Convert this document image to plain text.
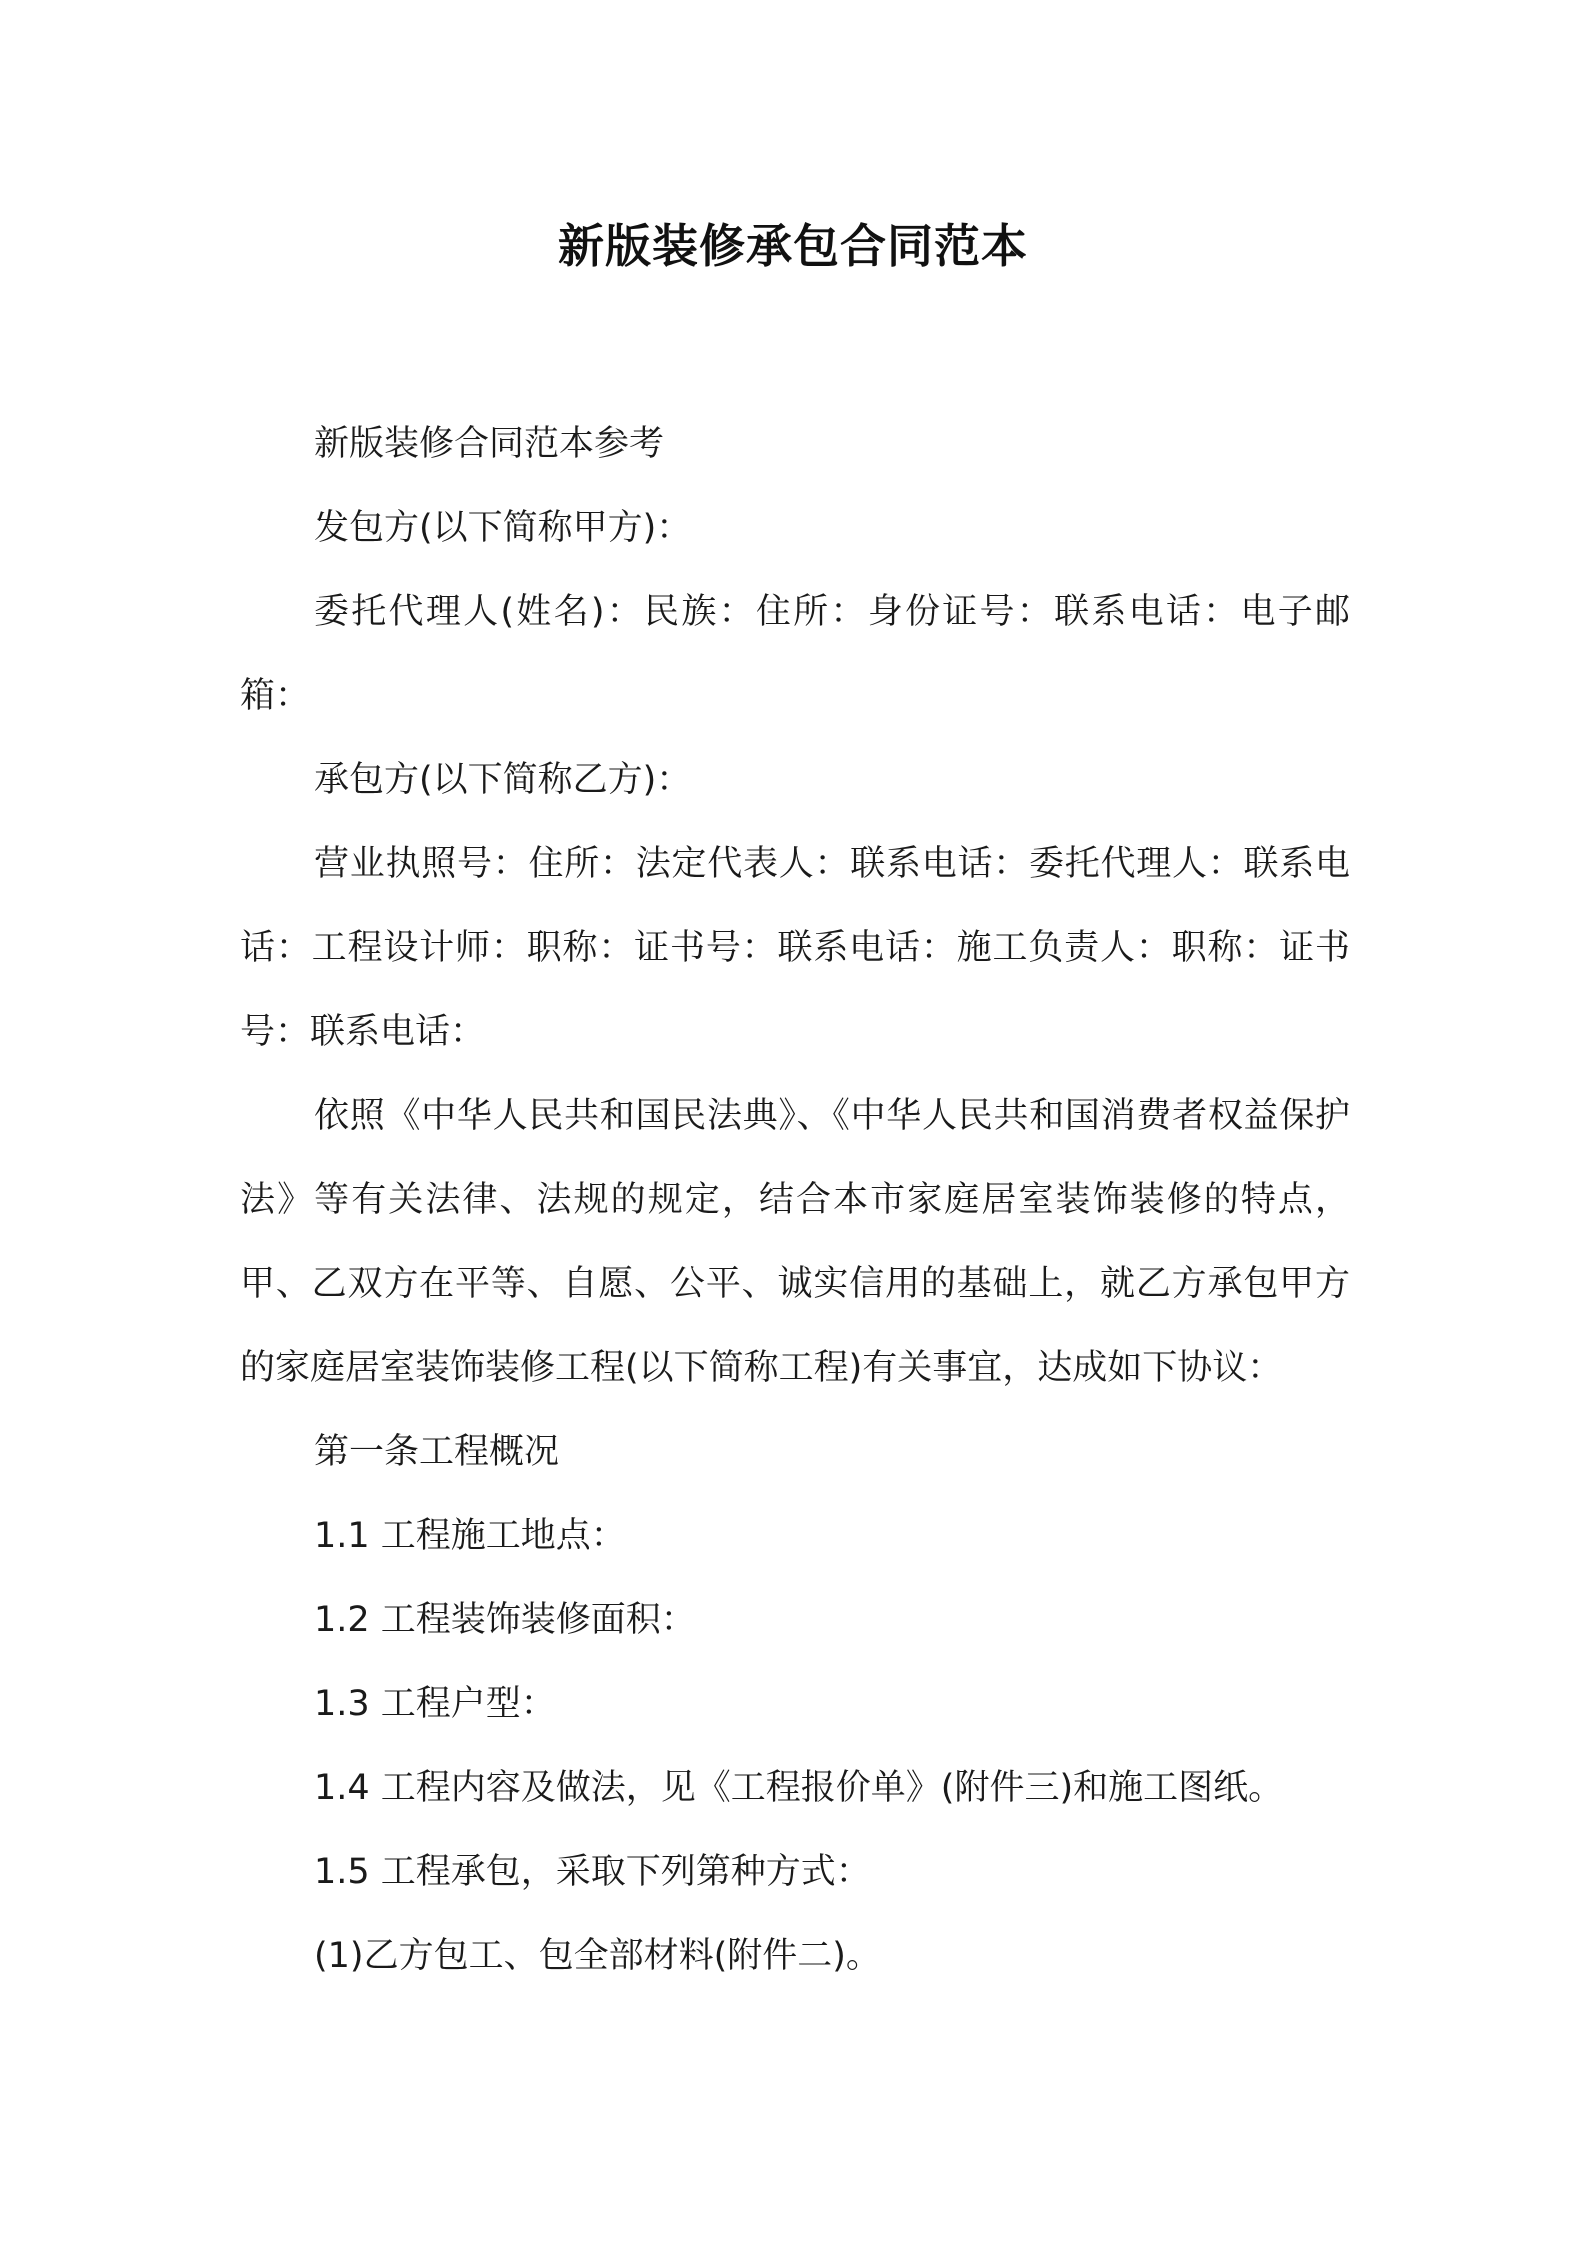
新版装修承包合同范本

新版装修合同范本参考

发包方(以下简称甲方)：

委托代理人(姓名)：民族：住所：身份证号：联系电话：电子邮箱：

承包方(以下简称乙方)：

营业执照号：住所：法定代表人：联系电话：委托代理人：联系电话：工程设计师：职称：证书号：联系电话：施工负责人：职称：证书号：联系电话：

依照《中华人民共和国民法典》、《中华人民共和国消费者权益保护法》等有关法律、法规的规定，结合本市家庭居室装饰装修的特点，甲、乙双方在平等、自愿、公平、诚实信用的基础上，就乙方承包甲方的家庭居室装饰装修工程(以下简称工程)有关事宜，达成如下协议：

第一条工程概况

1.1 工程施工地点：

1.2 工程装饰装修面积：

1.3 工程户型：

1.4 工程内容及做法，见《工程报价单》(附件三)和施工图纸。

1.5 工程承包，采取下列第种方式：

(1)乙方包工、包全部材料(附件二)。
